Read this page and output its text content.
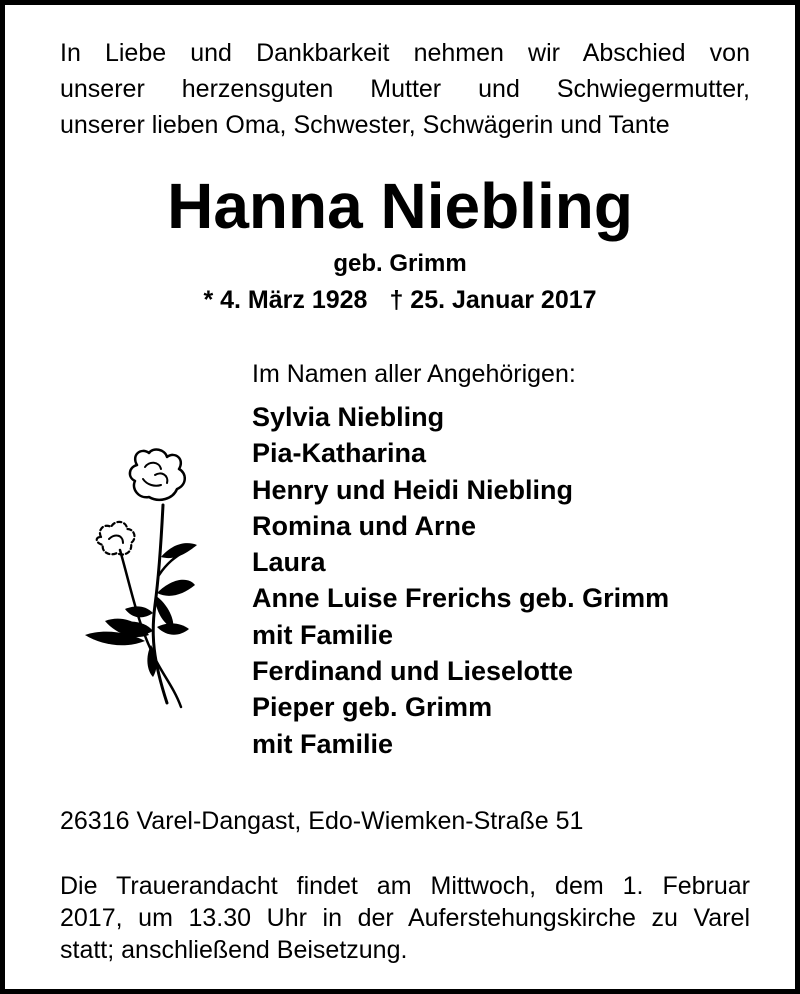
In Liebe und Dankbarkeit nehmen wir Abschied von
unserer herzensguten Mutter und Schwiegermutter,
unserer lieben Oma, Schwester, Schwägerin und Tante
Hanna Niebling
geb. Grimm
* 4. März 1928 † 25. Januar 2017
Im Namen aller Angehörigen:
Sylvia Niebling
Pia-Katharina
Henry und Heidi Niebling
Romina und Arne
Laura
Anne Luise Frerichs geb. Grimm
mit Familie
Ferdinand und Lieselotte
Pieper geb. Grimm
mit Familie
26316 Varel-Dangast, Edo-Wiemken-Straße 51
Die Trauerandacht findet am Mittwoch, dem 1. Februar
2017, um 13.30 Uhr in der Auferstehungskirche zu Varel
statt; anschließend Beisetzung.
